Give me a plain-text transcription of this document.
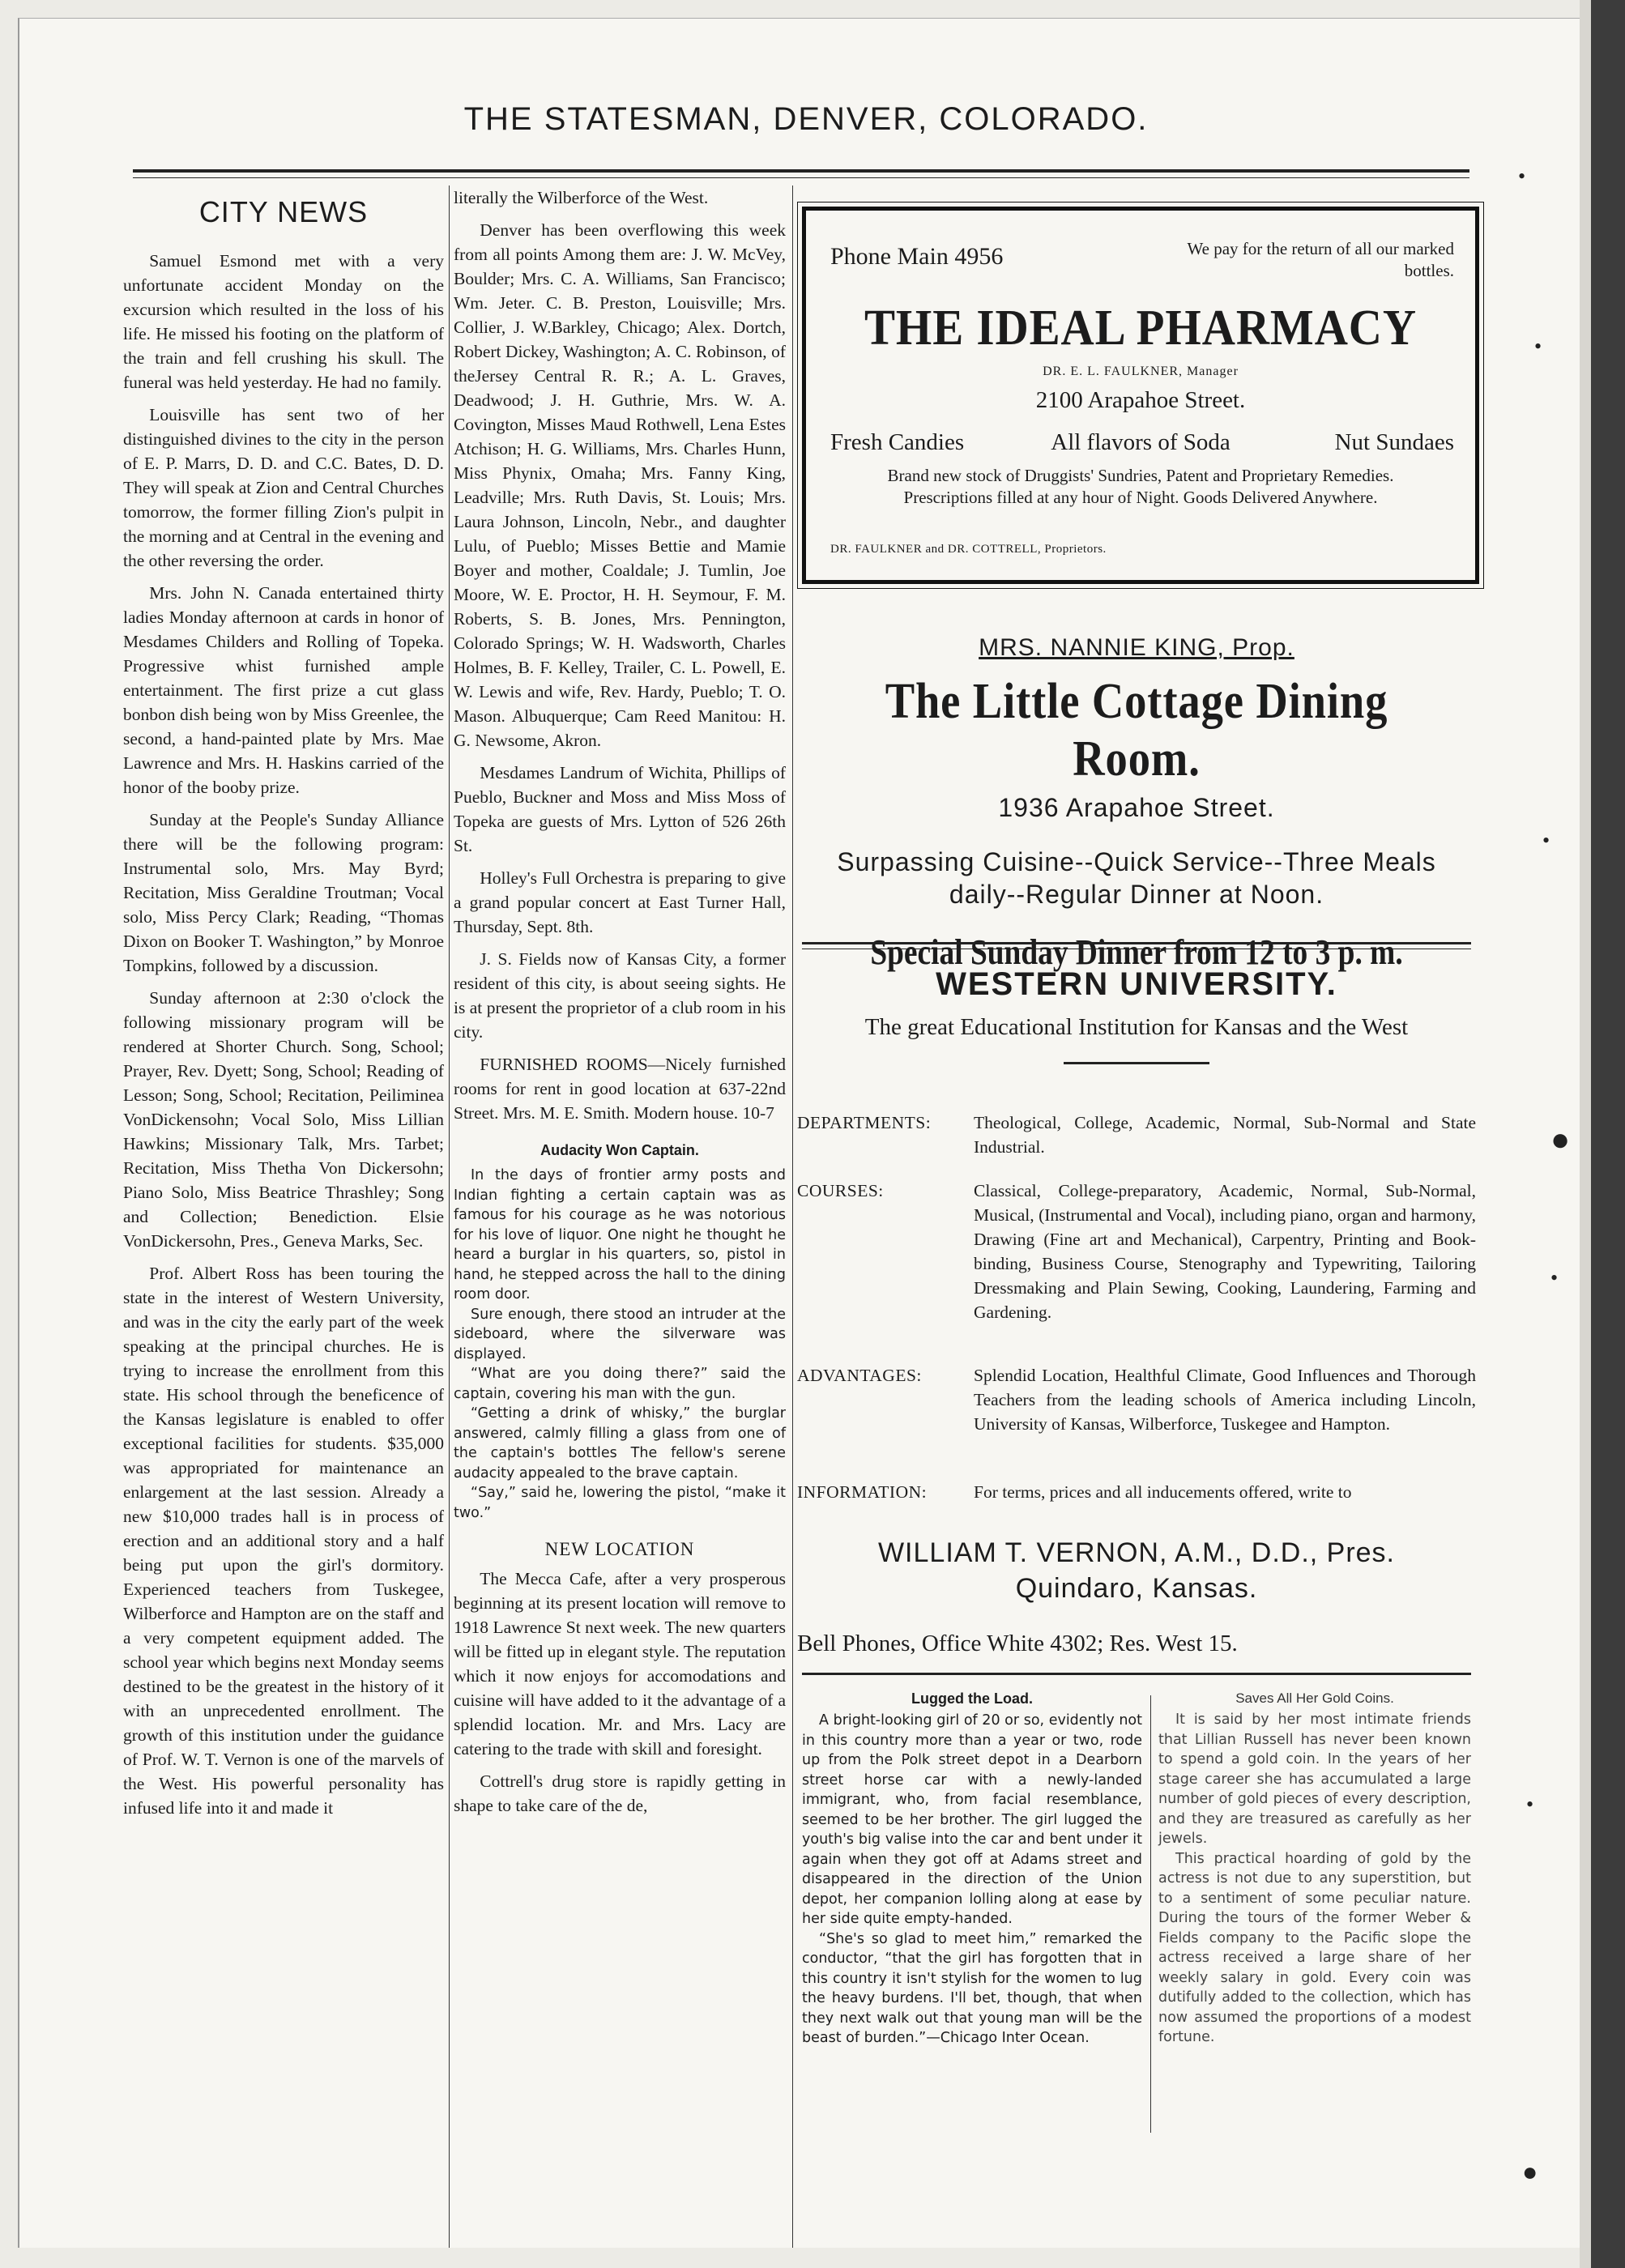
THE STATESMAN, DENVER, COLORADO.
CITY NEWS

Samuel Esmond met with a very unfortunate accident Monday on the excursion which resulted in the loss of his life. He missed his footing on the platform of the train and fell crushing his skull. The funeral was held yesterday. He had no family.

Louisville has sent two of her distinguished divines to the city in the person of E. P. Marrs, D. D. and C.C. Bates, D. D. They will speak at Zion and Central Churches tomorrow, the former filling Zion's pulpit in the morning and at Central in the evening and the other reversing the order.

Mrs. John N. Canada entertained thirty ladies Monday afternoon at cards in honor of Mesdames Childers and Rolling of Topeka. Progressive whist furnished ample entertainment. The first prize a cut glass bonbon dish being won by Miss Greenlee, the second, a hand-painted plate by Mrs. Mae Lawrence and Mrs. H. Haskins carried of the honor of the booby prize.

Sunday at the People's Sunday Alliance there will be the following program: Instrumental solo, Mrs. May Byrd; Recitation, Miss Geraldine Troutman; Vocal solo, Miss Percy Clark; Reading, “Thomas Dixon on Booker T. Washington,” by Monroe Tompkins, followed by a discussion.

Sunday afternoon at 2:30 o'clock the following missionary program will be rendered at Shorter Church. Song, School; Prayer, Rev. Dyett; Song, School; Reading of Lesson; Song, School; Recitation, Peiliminea VonDickensohn; Vocal Solo, Miss Lillian Hawkins; Missionary Talk, Mrs. Tarbet; Recitation, Miss Thetha Von Dickersohn; Piano Solo, Miss Beatrice Thrashley; Song and Collection; Benediction. Elsie VonDickersohn, Pres., Geneva Marks, Sec.

Prof. Albert Ross has been touring the state in the interest of Western University, and was in the city the early part of the week speaking at the principal churches. He is trying to increase the enrollment from this state. His school through the beneficence of the Kansas legislature is enabled to offer exceptional facilities for students. $35,000 was appropriated for maintenance an enlargement at the last session. Already a new $10,000 trades hall is in process of erection and an additional story and a half being put upon the girl's dormitory. Experienced teachers from Tuskegee, Wilberforce and Hampton are on the staff and a very competent equipment added. The school year which begins next Monday seems destined to be the greatest in the history of it with an unprecedented enrollment. The growth of this institution under the guidance of Prof. W. T. Vernon is one of the marvels of the West. His powerful personality has infused life into it and made it

literally the Wilberforce of the West.

Denver has been overflowing this week from all points Among them are: J. W. McVey, Boulder; Mrs. C. A. Williams, San Francisco; Wm. Jeter. C. B. Preston, Louisville; Mrs. Collier, J. W.Barkley, Chicago; Alex. Dortch, Robert Dickey, Washington; A. C. Robinson, of theJersey Central R. R.; A. L. Graves, Deadwood; J. H. Guthrie, Mrs. W. A. Covington, Misses Maud Rothwell, Lena Estes Atchison; H. G. Williams, Mrs. Charles Hunn, Miss Phynix, Omaha; Mrs. Fanny King, Leadville; Mrs. Ruth Davis, St. Louis; Mrs. Laura Johnson, Lincoln, Nebr., and daughter Lulu, of Pueblo; Misses Bettie and Mamie Boyer and mother, Coaldale; J. Tumlin, Joe Moore, W. E. Proctor, H. H. Seymour, F. M. Roberts, S. B. Jones, Mrs. Pennington, Colorado Springs; W. H. Wadsworth, Charles Holmes, B. F. Kelley, Trailer, C. L. Powell, E. W. Lewis and wife, Rev. Hardy, Pueblo; T. O. Mason. Albuquerque; Cam Reed Manitou: H. G. Newsome, Akron.

Mesdames Landrum of Wichita, Phillips of Pueblo, Buckner and Moss and Miss Moss of Topeka are guests of Mrs. Lytton of 526 26th St.

Holley's Full Orchestra is preparing to give a grand popular concert at East Turner Hall, Thursday, Sept. 8th.

J. S. Fields now of Kansas City, a former resident of this city, is about seeing sights. He is at present the proprietor of a club room in his city.

FURNISHED ROOMS—Nicely furnished rooms for rent in good location at 637-22nd Street. Mrs. M. E. Smith. Modern house. 10-7

Audacity Won Captain.

In the days of frontier army posts and Indian fighting a certain captain was as famous for his courage as he was notorious for his love of liquor. One night he thought he heard a burglar in his quarters, so, pistol in hand, he stepped across the hall to the dining room door.

Sure enough, there stood an intruder at the sideboard, where the silverware was displayed.

“What are you doing there?” said the captain, covering his man with the gun.

“Getting a drink of whisky,” the burglar answered, calmly filling a glass from one of the captain's bottles The fellow's serene audacity appealed to the brave captain.

“Say,” said he, lowering the pistol, “make it two.”

NEW LOCATION

The Mecca Cafe, after a very prosperous beginning at its present location will remove to 1918 Lawrence St next week. The new quarters will be fitted up in elegant style. The reputation which it now enjoys for accomodations and cuisine will have added to it the advantage of a splendid location. Mr. and Mrs. Lacy are catering to the trade with skill and foresight.

Cottrell's drug store is rapidly getting in shape to take care of the de,

Phone Main 4956	We pay for the return of all our marked bottles.
THE IDEAL PHARMACY
DR. E. L. FAULKNER, Manager
2100 Arapahoe Street.
Fresh Candies	All flavors of Soda	Nut Sundaes
Brand new stock of Druggists' Sundries, Patent and Proprietary Remedies. Prescriptions filled at any hour of Night. Goods Delivered Anywhere.
DR. FAULKNER and DR. COTTRELL, Proprietors.
MRS. NANNIE KING, Prop.
The Little Cottage Dining Room.
1936 Arapahoe Street.
Surpassing Cuisine--Quick Service--Three Meals daily--Regular Dinner at Noon.
Special Sunday Dinner from 12 to 3 p. m.
WESTERN UNIVERSITY.
The great Educational Institution for Kansas and the West
DEPARTMENTS: Theological, College, Academic, Normal, Sub-Normal and State Industrial.
COURSES:	Classical, College-preparatory, Academic, Normal, Sub-Normal, Musical, (Instrumental and Vocal), including piano, organ and harmony, Drawing (Fine art and Mechanical), Carpentry, Printing and Book-binding, Business Course, Stenography and Typewriting, Tailoring Dressmaking and Plain Sewing, Cooking, Laundering, Farming and Gardening.
ADVANTAGES:	Splendid Location, Healthful Climate, Good Influences and Thorough Teachers from the leading schools of America including Lincoln, University of Kansas, Wilberforce, Tuskegee and Hampton.
INFORMATION:	For terms, prices and all inducements offered, write to
WILLIAM T. VERNON, A.M., D.D., Pres.
Quindaro, Kansas.
Bell Phones, Office White 4302; Res. West 15.
Lugged the Load.

A bright-looking girl of 20 or so, evidently not in this country more than a year or two, rode up from the Polk street depot in a Dearborn street horse car with a newly-landed immigrant, who, from facial resemblance, seemed to be her brother. The girl lugged the youth's big valise into the car and bent under it again when they got off at Adams street and disappeared in the direction of the Union depot, her companion lolling along at ease by her side quite empty-handed.

“She's so glad to meet him,” remarked the conductor, “that the girl has forgotten that in this country it isn't stylish for the women to lug the heavy burdens. I'll bet, though, that when they next walk out that young man will be the beast of burden.”—Chicago Inter Ocean.

Saves All Her Gold Coins.

It is said by her most intimate friends that Lillian Russell has never been known to spend a gold coin. In the years of her stage career she has accumulated a large number of gold pieces of every description, and they are treasured as carefully as her jewels.

This practical hoarding of gold by the actress is not due to any superstition, but to a sentiment of some peculiar nature. During the tours of the former Weber & Fields company to the Pacific slope the actress received a large share of her weekly salary in gold. Every coin was dutifully added to the collection, which has now assumed the proportions of a modest fortune.

•
•
•
●
•
•
●
